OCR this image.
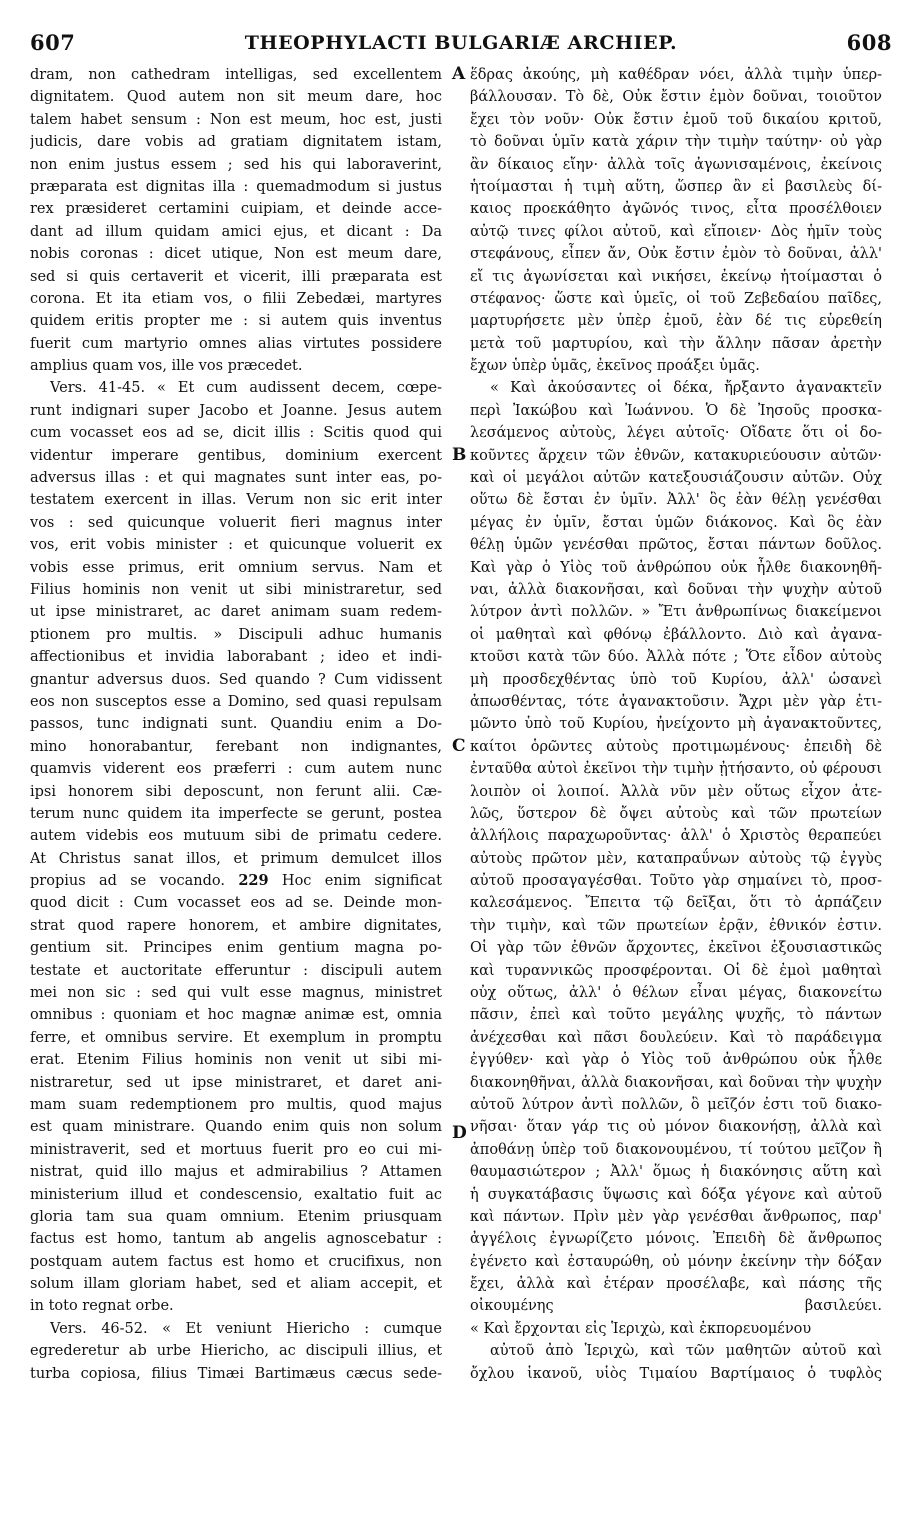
607	THEOPHYLACTI BULGARIÆ ARCHIEP.	608
dram, non cathedram intelligas, sed excellentem
dignitatem. Quod autem non sit meum dare, hoc
talem habet sensum : Non est meum, hoc est, justi
judicis, dare vobis ad gratiam dignitatem istam,
non enim justus essem ; sed his qui laboraverint,
præparata est dignitas illa : quemadmodum si justus
rex præsideret certamini cuipiam, et deinde acce-
dant ad illum quidam amici ejus, et dicant : Da
nobis coronas : dicet utique, Non est meum dare,
sed si quis certaverit et vicerit, illi præparata est
corona. Et ita etiam vos, o filii Zebedæi, martyres
quidem eritis propter me : si autem quis inventus
fuerit cum martyrio omnes alias virtutes possidere
amplius quam vos, ille vos præcedet.
Vers. 41-45. « Et cum audissent decem, cœpe-
runt indignari super Jacobo et Joanne. Jesus autem
cum vocasset eos ad se, dicit illis : Scitis quod qui
videntur imperare gentibus, dominium exercent
adversus illas : et qui magnates sunt inter eas, po-
testatem exercent in illas. Verum non sic erit inter
vos : sed quicunque voluerit fieri magnus inter
vos, erit vobis minister : et quicunque voluerit ex
vobis esse primus, erit omnium servus. Nam et
Filius hominis non venit ut sibi ministraretur, sed
ut ipse ministraret, ac daret animam suam redem-
ptionem pro multis. » Discipuli adhuc humanis
affectionibus et invidia laborabant ; ideo et indi-
gnantur adversus duos. Sed quando ? Cum vidissent
eos non susceptos esse a Domino, sed quasi repulsam
passos, tunc indignati sunt. Quandiu enim a Do-
mino honorabantur, ferebant non indignantes,
quamvis viderent eos præferri : cum autem nunc
ipsi honorem sibi deposcunt, non ferunt alii. Cæ-
terum nunc quidem ita imperfecte se gerunt, postea
autem videbis eos mutuum sibi de primatu cedere.
At Christus sanat illos, et primum demulcet illos
propius ad se vocando. 229 Hoc enim significat
quod dicit : Cum vocasset eos ad se. Deinde mon-
strat quod rapere honorem, et ambire dignitates,
gentium sit. Principes enim gentium magna po-
testate et auctoritate efferuntur : discipuli autem
mei non sic : sed qui vult esse magnus, ministret
omnibus : quoniam et hoc magnæ animæ est, omnia
ferre, et omnibus servire. Et exemplum in promptu
erat. Etenim Filius hominis non venit ut sibi mi-
nistraretur, sed ut ipse ministraret, et daret ani-
mam suam redemptionem pro multis, quod majus
est quam ministrare. Quando enim quis non solum
ministraverit, sed et mortuus fuerit pro eo cui mi-
nistrat, quid illo majus et admirabilius ? Attamen
ministerium illud et condescensio, exaltatio fuit ac
gloria tam sua quam omnium. Etenim priusquam
factus est homo, tantum ab angelis agnoscebatur :
postquam autem factus est homo et crucifixus, non
solum illam gloriam habet, sed et aliam accepit, et
in toto regnat orbe.
Vers. 46-52. « Et veniunt Hiericho : cumque
egrederetur ab urbe Hiericho, ac discipuli illius, et
turba copiosa, filius Timæi Bartimæus cæcus sede-
ἕδρας ἀκούης, μὴ καθέδραν νόει, ἀλλὰ τιμὴν ὑπερ-
βάλλουσαν. Τὸ δὲ, Οὐκ ἔστιν ἐμὸν δοῦναι, τοιοῦτον
ἔχει τὸν νοῦν· Οὐκ ἔστιν ἐμοῦ τοῦ δικαίου κριτοῦ,
τὸ δοῦναι ὑμῖν κατὰ χάριν τὴν τιμὴν ταύτην· οὐ γὰρ
ἂν δίκαιος εἴην· ἀλλὰ τοῖς ἀγωνισαμένοις, ἐκείνοις
ἡτοίμασται ἡ τιμὴ αὕτη, ὥσπερ ἂν εἰ βασιλεὺς δί-
καιος προεκάθητο ἀγῶνός τινος, εἶτα προσέλθοιεν
αὐτῷ τινες φίλοι αὐτοῦ, καὶ εἴποιεν· Δὸς ἡμῖν τοὺς
στεφάνους, εἶπεν ἄν, Οὐκ ἔστιν ἐμὸν τὸ δοῦναι, ἀλλ'
εἴ τις ἀγωνίσεται καὶ νικήσει, ἐκείνῳ ἡτοίμασται ὁ
στέφανος· ὥστε καὶ ὑμεῖς, οἱ τοῦ Ζεβεδαίου παῖδες,
μαρτυρήσετε μὲν ὑπὲρ ἐμοῦ, ἐὰν δέ τις εὑρεθείη
μετὰ τοῦ μαρτυρίου, καὶ τὴν ἄλλην πᾶσαν ἀρετὴν
ἔχων ὑπὲρ ὑμᾶς, ἐκεῖνος προάξει ὑμᾶς.
« Καὶ ἀκούσαντες οἱ δέκα, ἤρξαντο ἀγανακτεῖν
περὶ Ἰακώβου καὶ Ἰωάννου. Ὁ δὲ Ἰησοῦς προσκα-
λεσάμενος αὐτοὺς, λέγει αὐτοῖς· Οἴδατε ὅτι οἱ δο-
κοῦντες ἄρχειν τῶν ἐθνῶν, κατακυριεύουσιν αὐτῶν·
καὶ οἱ μεγάλοι αὐτῶν κατεξουσιάζουσιν αὐτῶν. Οὐχ
οὕτω δὲ ἔσται ἐν ὑμῖν. Ἀλλ' ὃς ἐὰν θέλῃ γενέσθαι
μέγας ἐν ὑμῖν, ἔσται ὑμῶν διάκονος. Καὶ ὃς ἐὰν
θέλῃ ὑμῶν γενέσθαι πρῶτος, ἔσται πάντων δοῦλος.
Καὶ γὰρ ὁ Υἱὸς τοῦ ἀνθρώπου οὐκ ἦλθε διακονηθῆ-
ναι, ἀλλὰ διακονῆσαι, καὶ δοῦναι τὴν ψυχὴν αὐτοῦ
λύτρον ἀντὶ πολλῶν. » Ἔτι ἀνθρωπίνως διακείμενοι
οἱ μαθηταὶ καὶ φθόνῳ ἐβάλλοντο. Διὸ καὶ ἀγανα-
κτοῦσι κατὰ τῶν δύο. Ἀλλὰ πότε ; Ὅτε εἶδον αὐτοὺς
μὴ προσδεχθέντας ὑπὸ τοῦ Κυρίου, ἀλλ' ὡσανεὶ
ἀπωσθέντας, τότε ἀγανακτοῦσιν. Ἄχρι μὲν γὰρ ἐτι-
μῶντο ὑπὸ τοῦ Κυρίου, ἠνείχοντο μὴ ἀγανακτοῦντες,
καίτοι ὁρῶντες αὐτοὺς προτιμωμένους· ἐπειδὴ δὲ
ἐνταῦθα αὐτοὶ ἐκεῖνοι τὴν τιμὴν ᾐτήσαντο, οὐ φέρουσι
λοιπὸν οἱ λοιποί. Ἀλλὰ νῦν μὲν οὕτως εἶχον ἀτε-
λῶς, ὕστερον δὲ ὄψει αὐτοὺς καὶ τῶν πρωτείων
ἀλλήλοις παραχωροῦντας· ἀλλ' ὁ Χριστὸς θεραπεύει
αὐτοὺς πρῶτον μὲν, καταπραΰνων αὐτοὺς τῷ ἐγγὺς
αὐτοῦ προσαγαγέσθαι. Τοῦτο γὰρ σημαίνει τὸ, προσ-
καλεσάμενος. Ἔπειτα τῷ δεῖξαι, ὅτι τὸ ἁρπάζειν
τὴν τιμὴν, καὶ τῶν πρωτείων ἐρᾷν, ἐθνικόν ἐστιν.
Οἱ γὰρ τῶν ἐθνῶν ἄρχοντες, ἐκεῖνοι ἐξουσιαστικῶς
καὶ τυραννικῶς προσφέρονται. Οἱ δὲ ἐμοὶ μαθηταὶ
οὐχ οὕτως, ἀλλ' ὁ θέλων εἶναι μέγας, διακονείτω
πᾶσιν, ἐπεὶ καὶ τοῦτο μεγάλης ψυχῆς, τὸ πάντων
ἀνέχεσθαι καὶ πᾶσι δουλεύειν. Καὶ τὸ παράδειγμα
ἐγγύθεν· καὶ γὰρ ὁ Υἱὸς τοῦ ἀνθρώπου οὐκ ἦλθε
διακονηθῆναι, ἀλλὰ διακονῆσαι, καὶ δοῦναι τὴν ψυχὴν
αὐτοῦ λύτρον ἀντὶ πολλῶν, ὃ μεῖζόν ἐστι τοῦ διακο-
νῆσαι· ὅταν γάρ τις οὐ μόνον διακονήσῃ, ἀλλὰ καὶ
ἀποθάνῃ ὑπὲρ τοῦ διακονουμένου, τί τούτου μεῖζον ἢ
θαυμασιώτερον ; Ἀλλ' ὅμως ἡ διακόνησις αὕτη καὶ
ἡ συγκατάβασις ὕψωσις καὶ δόξα γέγονε καὶ αὐτοῦ
καὶ πάντων. Πρὶν μὲν γὰρ γενέσθαι ἄνθρωπος, παρ'
ἀγγέλοις ἐγνωρίζετο μόνοις. Ἐπειδὴ δὲ ἄνθρωπος
ἐγένετο καὶ ἐσταυρώθη, οὐ μόνην ἐκείνην τὴν δόξαν
ἔχει, ἀλλὰ καὶ ἑτέραν προσέλαβε, καὶ πάσης τῆς
οἰκουμένης βασιλεύει.
« Καὶ ἔρχονται εἰς Ἱεριχὼ, καὶ ἐκπορευομένου
αὐτοῦ ἀπὸ Ἱεριχὼ, καὶ τῶν μαθητῶν αὐτοῦ καὶ
ὄχλου ἱκανοῦ, υἱὸς Τιμαίου Βαρτίμαιος ὁ τυφλὸς
A
B
C
D
